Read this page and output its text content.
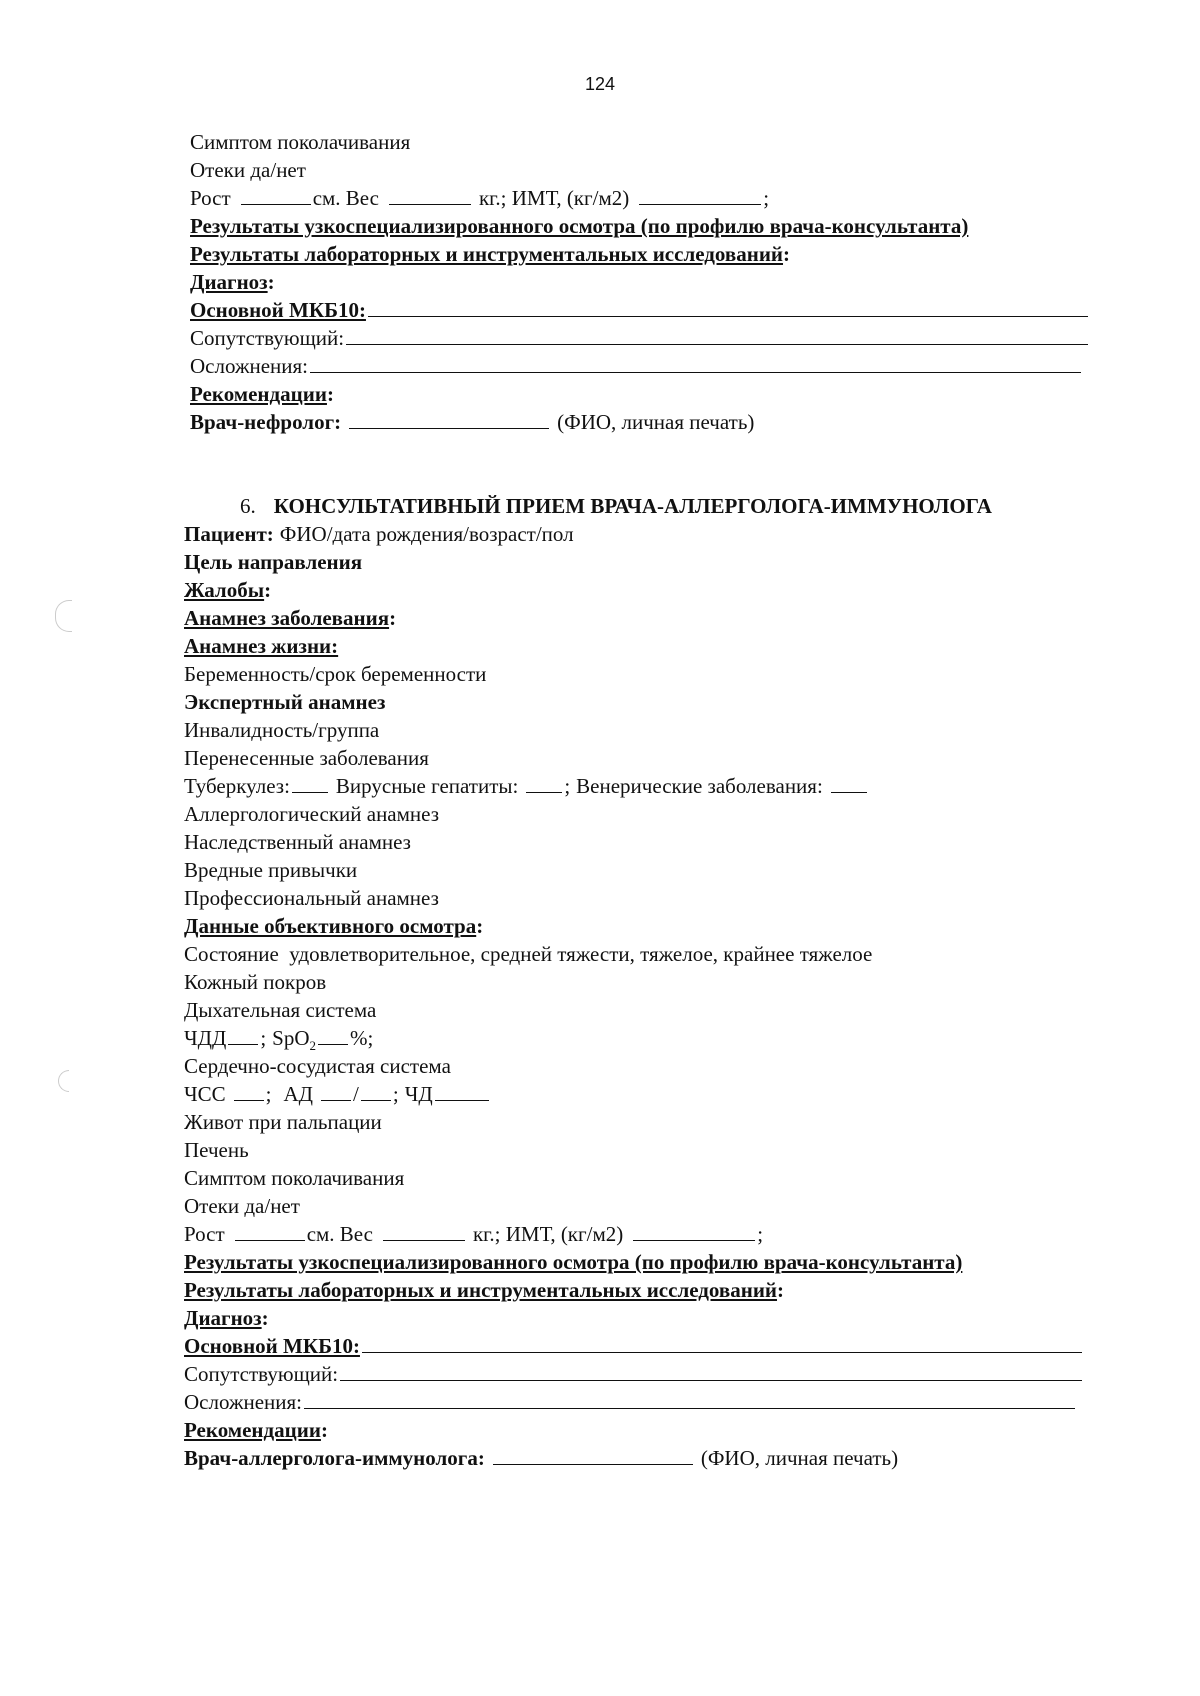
124
Симптом поколачивания
Отеки да/нет
Рост	см. Вес	кг.; ИМТ, (кг/м2)	;
Результаты узкоспециализированного осмотра (по профилю врача-консультанта)
Результаты лабораторных и инструментальных исследований :
Диагноз :
Основной МКБ10:
Сопутствующий:
Осложнения:
Рекомендации :
Врач-нефролог:	(ФИО, личная печать)
6. КОНСУЛЬТАТИВНЫЙ ПРИЕМ ВРАЧА-АЛЛЕРГОЛОГА-ИММУНОЛОГА
Пациент: ФИО/дата рождения/возраст/пол
Цель направления
Жалобы :
Анамнез заболевания :
Анамнез жизни:
Беременность/срок беременности
Экспертный анамнез
Инвалидность/группа
Перенесенные заболевания
Туберкулез: Вирусные гепатиты: ; Венерические заболевания:
Аллергологический анамнез
Наследственный анамнез
Вредные привычки
Профессиональный анамнез
Данные объективного осмотра :
Состояние  удовлетворительное, средней тяжести, тяжелое, крайнее тяжелое
Кожный покров
Дыхательная система
ЧДД ; SpO$_2$ %;
Сердечно-сосудистая система
ЧСС ; АД / ; ЧД
Живот при пальпации
Печень
Симптом поколачивания
Отеки да/нет
Рост	см. Вес	кг.; ИМТ, (кг/м2)	;
Результаты узкоспециализированного осмотра (по профилю врача-консультанта)
Результаты лабораторных и инструментальных исследований :
Диагноз :
Основной МКБ10:
Сопутствующий:
Осложнения:
Рекомендации :
Врач-аллерголога-иммунолога:	(ФИО, личная печать)
